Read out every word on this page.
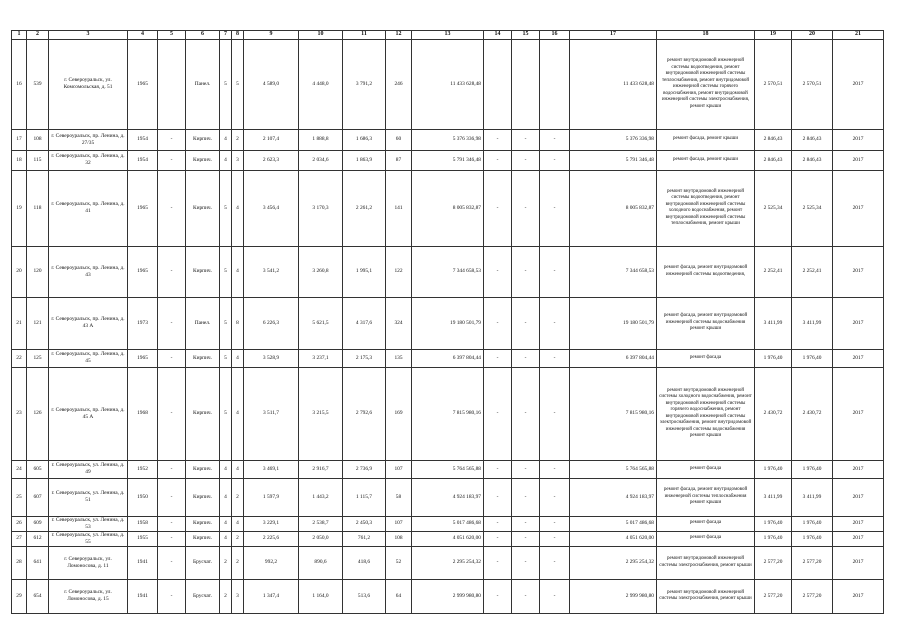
1	2	3	4	5	6	7	8	9	10	11	12	13	14	15	16	17	18	19	20	21
16	539	г. Североуральск, ул. Комсомольская, д. 51	1965		Панел.	5	5	4 589,0	4 448,0	3 791,2	246	11 433 628,48				11 433 628,48	ремонт внутридомовой инженерной системы водоотведения, ремонт внутридомовой инженерной системы теплоснабжения, ремонт внутридомовой инженерной системы горячего водоснабжения, ремонт внутридомовой инженерной системы электроснабжения, ремонт крыши	2 570,51	2 570,51	2017
17	108	г. Североуральск, пр. Ленина, д. 27/35	1954	-	Кирпич.	4	2	2 107,4	1 888,8	1 686,3	60	5 376 336,98	-	-	-	5 376 336,98	ремонт фасада, ремонт крыши	2 846,43	2 846,43	2017
18	115	г. Североуральск, пр. Ленина, д. 32	1954	-	Кирпич.	4	3	2 623,3	2 034,6	1 863,9	87	5 791 346,48	-	-	-	5 791 346,48	ремонт фасада, ремонт крыши	2 846,43	2 846,43	2017
19	118	г. Североуральск, пр. Ленина, д. 41	1965	-	Кирпич.	5	4	3 456,4	3 170,3	2 261,2	141	8 005 832,87	-	-	-	8 005 832,87	ремонт внутридомовой инженерной системы водоотведения, ремонт внутридомовой инженерной системы холодного водоснабжения, ремонт внутридомовой инженерной системы теплоснабжения, ремонт крыши	2 525,34	2 525,34	2017
20	120	г. Североуральск, пр. Ленина, д. 43	1965	-	Кирпич.	5	4	3 541,2	3 260,8	1 995,1	122	7 344 658,53	-	-	-	7 344 658,53	ремонт фасада, ремонт внутридомовой инженерной системы водоотведения,	2 252,41	2 252,41	2017
21	121	г. Североуральск, пр. Ленина, д. 43 А	1973	-	Панел.	5	8	6 226,3	5 621,5	4 317,6	324	19 180 501,79	-	-	-	19 180 501,79	ремонт фасада, ремонт внутридомовой инженерной системы водоснабжения ремонт крыши	3 411,99	3 411,99	2017
22	125	г. Североуральск, пр. Ленина, д. 45	1965	-	Кирпич.	5	4	3 528,9	3 237,1	2 175,3	135	6 397 804,44	-	-	-	6 397 804,44	ремонт фасада	1 976,40	1 976,40	2017
23	126	г. Североуральск, пр. Ленина, д. 45 А	1968	-	Кирпич.	5	4	3 511,7	3 215,5	2 792,6	169	7 815 980,16	-	-	-	7 815 980,16	ремонт внутридомовой инженерной системы холодного водоснабжения, ремонт внутридомовой инженерной системы горячего водоснабжения, ремонт внутридомовой инженерной системы электроснабжения, ремонт внутридомовой инженерной системы водоснабжения ремонт крыши	2 430,72	2 430,72	2017
24	605	г. Североуральск, ул. Ленина, д. 49	1952	-	Кирпич.	4	4	3 469,1	2 916,7	2 736,9	107	5 764 565,88	-	-	-	5 764 565,88	ремонт фасада	1 976,40	1 976,40	2017
25	607	г. Североуральск, ул. Ленина, д. 51	1950	-	Кирпич.	4	2	1 597,9	1 443,2	1 115,7	58	4 924 183,97	-	-	-	4 924 183,97	ремонт фасада, ремонт внутридомовой инженерной системы теплоснабжения ремонт крыши	3 411,99	3 411,99	2017
26	609	г. Североуральск, ул. Ленина, д. 53	1958	-	Кирпич.	4	4	3 229,1	2 538,7	2 450,3	107	5 017 486,68	-	-	-	5 017 486,68	ремонт фасада	1 976,40	1 976,40	2017
27	612	г. Североуральск, ул. Ленина, д. 55	1955	-	Кирпич.	4	2	2 225,6	2 050,0	761,2	108	4 051 620,00	-	-	-	4 051 620,00	ремонт фасада	1 976,40	1 976,40	2017
28	641	г. Североуральск, ул. Ломоносова, д. 11	1941	-	Брусчат.	2	2	992,2	890,6	418,6	52	2 295 254,32	-	-	-	2 295 254,32	ремонт внутридомовой инженерной системы электроснабжения, ремонт крыши	2 577,20	2 577,20	2017
29	654	г. Североуральск, ул. Ломоносова, д. 15	1941	-	Брусчат.	2	3	1 347,4	1 164,0	513,6	64	2 999 980,80	-	-	-	2 999 980,80	ремонт внутридомовой инженерной системы электроснабжения, ремонт крыши	2 577,20	2 577,20	2017
